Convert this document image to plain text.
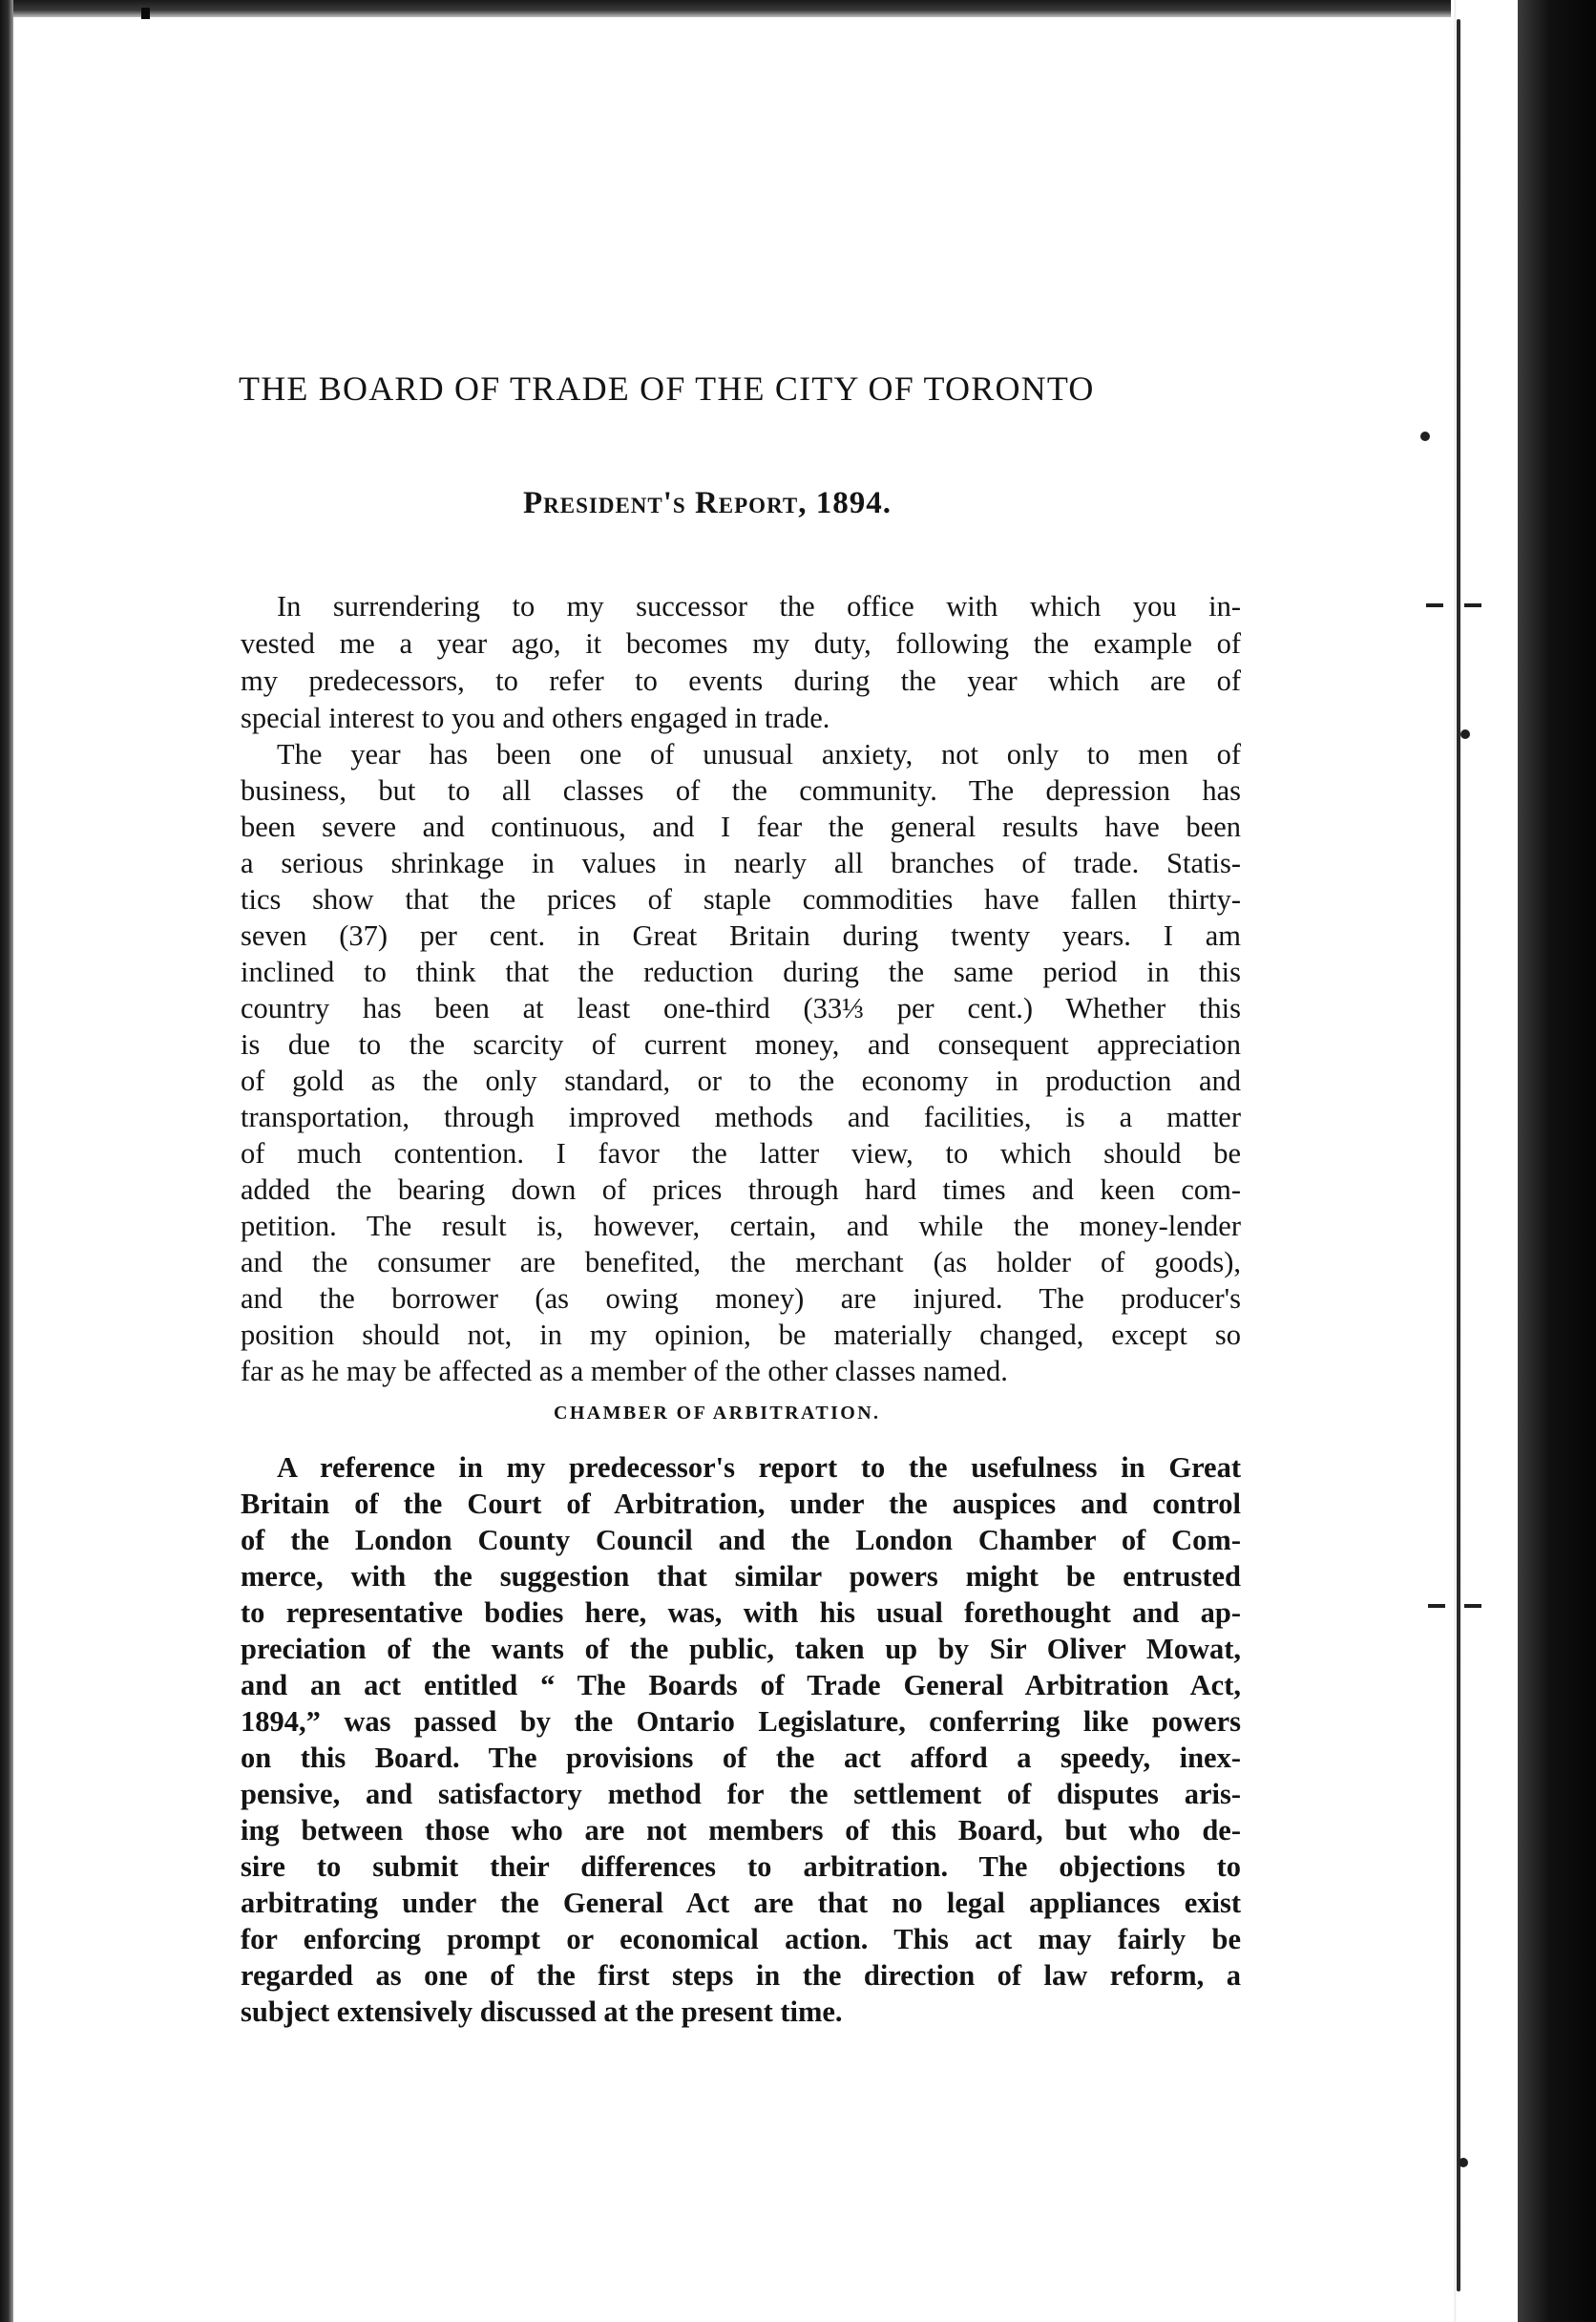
THE BOARD OF TRADE OF THE CITY OF TORONTO
President's Report, 1894.
In surrendering to my successor the office with which you in-
vested me a year ago, it becomes my duty, following the example of
my predecessors, to refer to events during the year which are of
special interest to you and others engaged in trade.
The year has been one of unusual anxiety, not only to men of
business, but to all classes of the community. The depression has
been severe and continuous, and I fear the general results have been
a serious shrinkage in values in nearly all branches of trade. Statis-
tics show that the prices of staple commodities have fallen thirty-
seven (37) per cent. in Great Britain during twenty years. I am
inclined to think that the reduction during the same period in this
country has been at least one-third (33⅓ per cent.) Whether this
is due to the scarcity of current money, and consequent appreciation
of gold as the only standard, or to the economy in production and
transportation, through improved methods and facilities, is a matter
of much contention. I favor the latter view, to which should be
added the bearing down of prices through hard times and keen com-
petition. The result is, however, certain, and while the money-lender
and the consumer are benefited, the merchant (as holder of goods),
and the borrower (as owing money) are injured. The producer's
position should not, in my opinion, be materially changed, except so
far as he may be affected as a member of the other classes named.
CHAMBER OF ARBITRATION.
A reference in my predecessor's report to the usefulness in Great
Britain of the Court of Arbitration, under the auspices and control
of the London County Council and the London Chamber of Com-
merce, with the suggestion that similar powers might be entrusted
to representative bodies here, was, with his usual forethought and ap-
preciation of the wants of the public, taken up by Sir Oliver Mowat,
and an act entitled “ The Boards of Trade General Arbitration Act,
1894,” was passed by the Ontario Legislature, conferring like powers
on this Board. The provisions of the act afford a speedy, inex-
pensive, and satisfactory method for the settlement of disputes aris-
ing between those who are not members of this Board, but who de-
sire to submit their differences to arbitration. The objections to
arbitrating under the General Act are that no legal appliances exist
for enforcing prompt or economical action. This act may fairly be
regarded as one of the first steps in the direction of law reform, a
subject extensively discussed at the present time.
